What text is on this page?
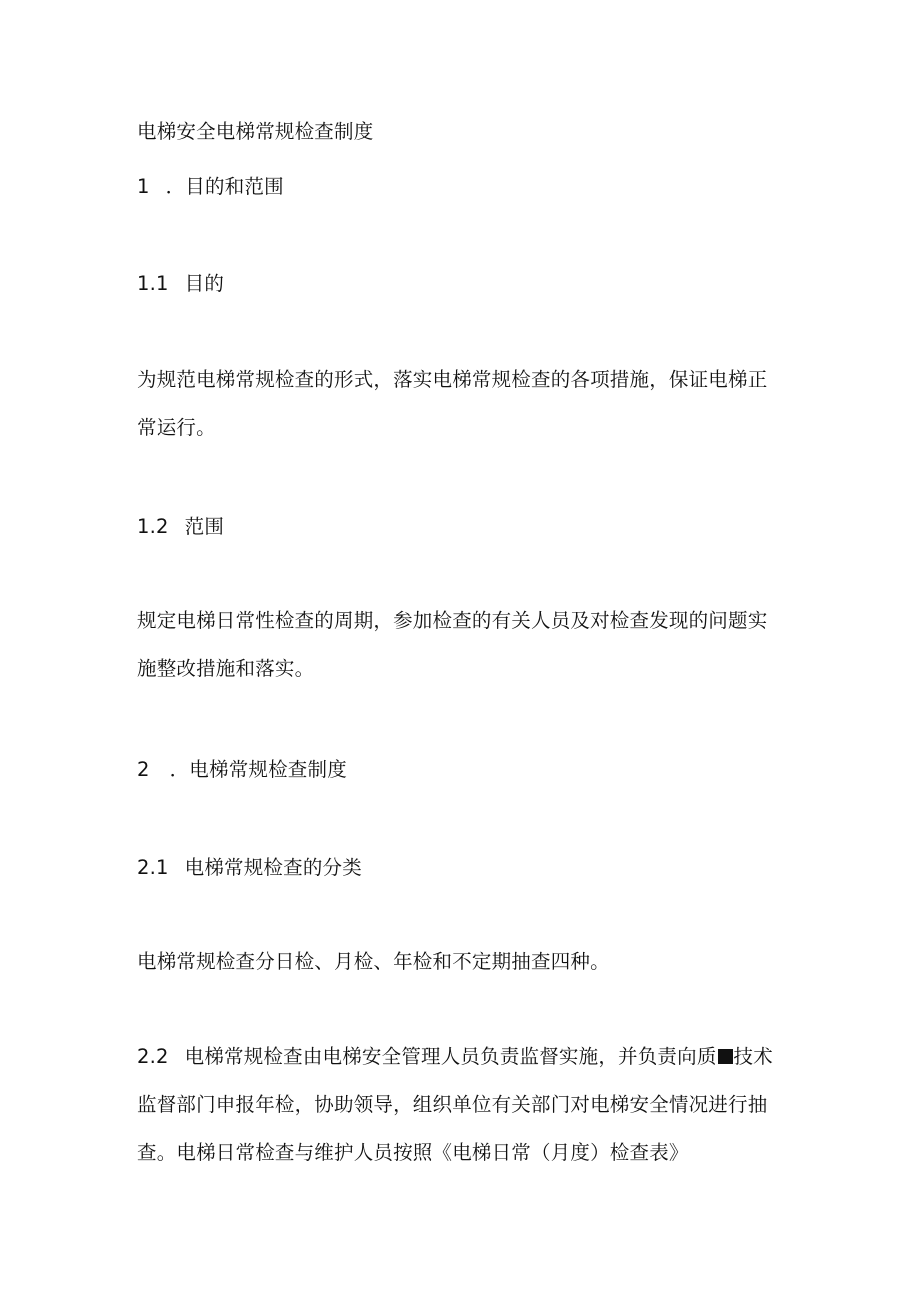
电梯安全电梯常规检查制度
1 ．目的和范围
1.1 目的
为规范电梯常规检查的形式，落实电梯常规检查的各项措施，保证电梯正
常运行。
1.2 范围
规定电梯日常性检查的周期，参加检查的有关人员及对检查发现的问题实
施整改措施和落实。
2 ．电梯常规检查制度
2.1 电梯常规检查的分类
电梯常规检查分日检、月检、年检和不定期抽查四种。
2.2 电梯常规检查由电梯安全管理人员负责监督实施，并负责向质 技术
监督部门申报年检，协助领导，组织单位有关部门对电梯安全情况进行抽
查。电梯日常检查与维护人员按照《电梯日常（月度）检查表》
